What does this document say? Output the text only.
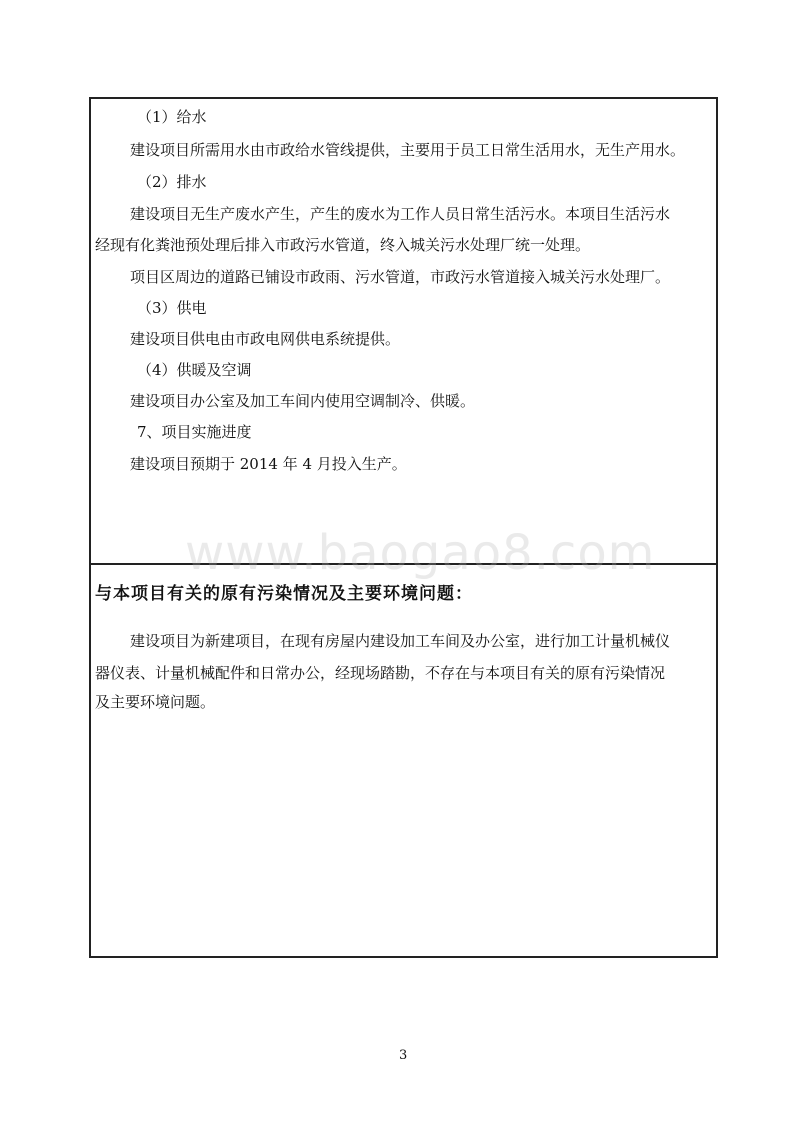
（1）给水
建设项目所需用水由市政给水管线提供，主要用于员工日常生活用水，无生产用水。
（2）排水
建设项目无生产废水产生，产生的废水为工作人员日常生活污水。本项目生活污水
经现有化粪池预处理后排入市政污水管道，终入城关污水处理厂统一处理。
项目区周边的道路已铺设市政雨、污水管道，市政污水管道接入城关污水处理厂。
（3）供电
建设项目供电由市政电网供电系统提供。
（4）供暖及空调
建设项目办公室及加工车间内使用空调制冷、供暖。
7、项目实施进度
建设项目预期于 2014 年 4 月投入生产。
www.baogao8.com
与本项目有关的原有污染情况及主要环境问题：
建设项目为新建项目，在现有房屋内建设加工车间及办公室，进行加工计量机械仪
器仪表、计量机械配件和日常办公，经现场踏勘，不存在与本项目有关的原有污染情况
及主要环境问题。
3
